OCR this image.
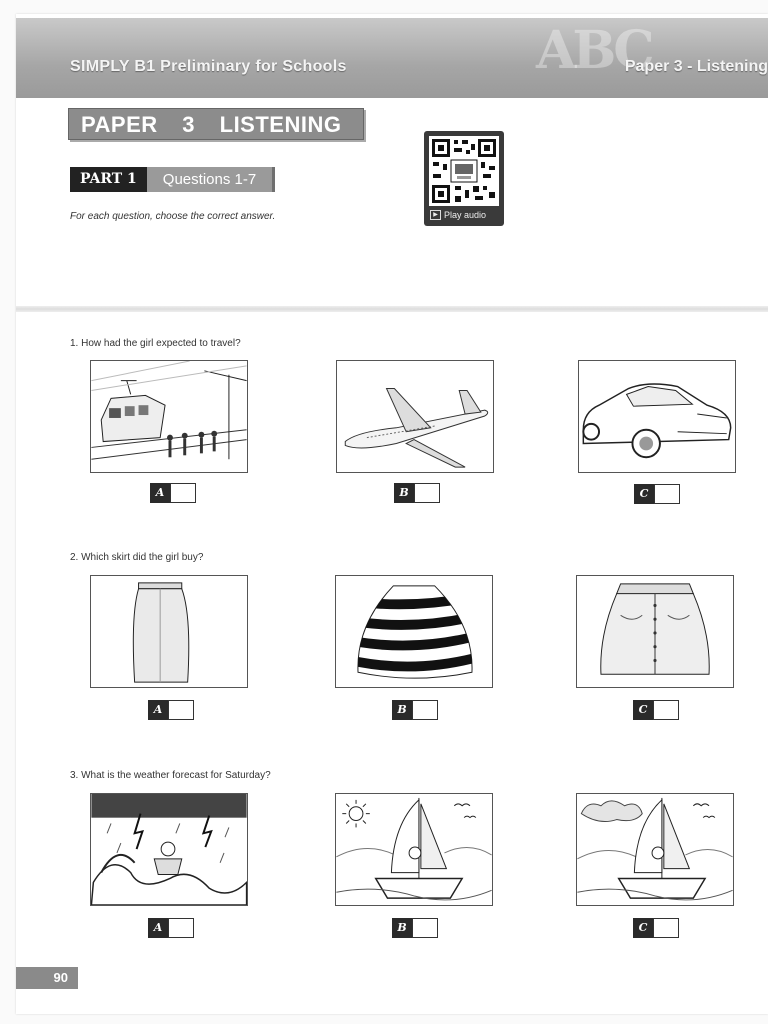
ABC
SIMPLY B1 Preliminary for Schools	Paper 3 - Listening
PAPER 3 LISTENING
PART 1	Questions 1-7
For each question, choose the correct answer.	▶ Play audio
1. How had the girl expected to travel?
A	B	C
2. Which skirt did the girl buy?
A	B	C
3. What is the weather forecast for Saturday?
A	B	C
90
